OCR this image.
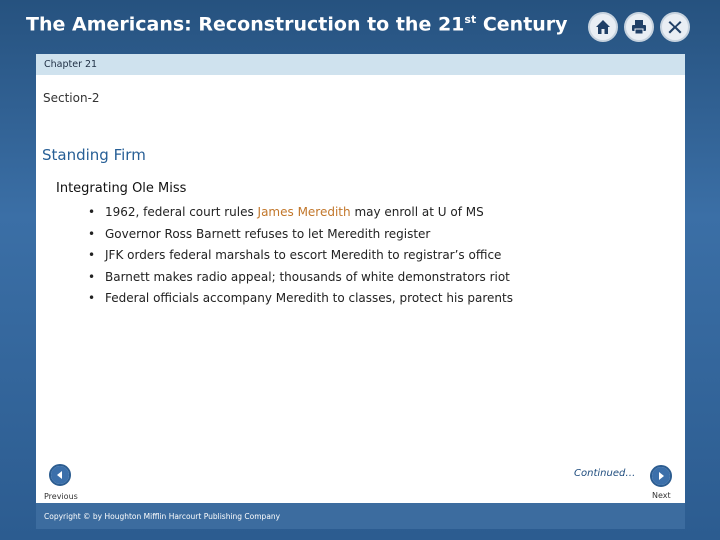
The Americans: Reconstruction to the 21st Century
Chapter 21
Section-2
Standing Firm
Integrating Ole Miss
• 1962, federal court rules James Meredith may enroll at U of MS
• Governor Ross Barnett refuses to let Meredith register
• JFK orders federal marshals to escort Meredith to registrar’s office
• Barnett makes radio appeal; thousands of white demonstrators riot
• Federal officials accompany Meredith to classes, protect his parents
Continued…
Previous	Next
Copyright © by Houghton Mifflin Harcourt Publishing Company
